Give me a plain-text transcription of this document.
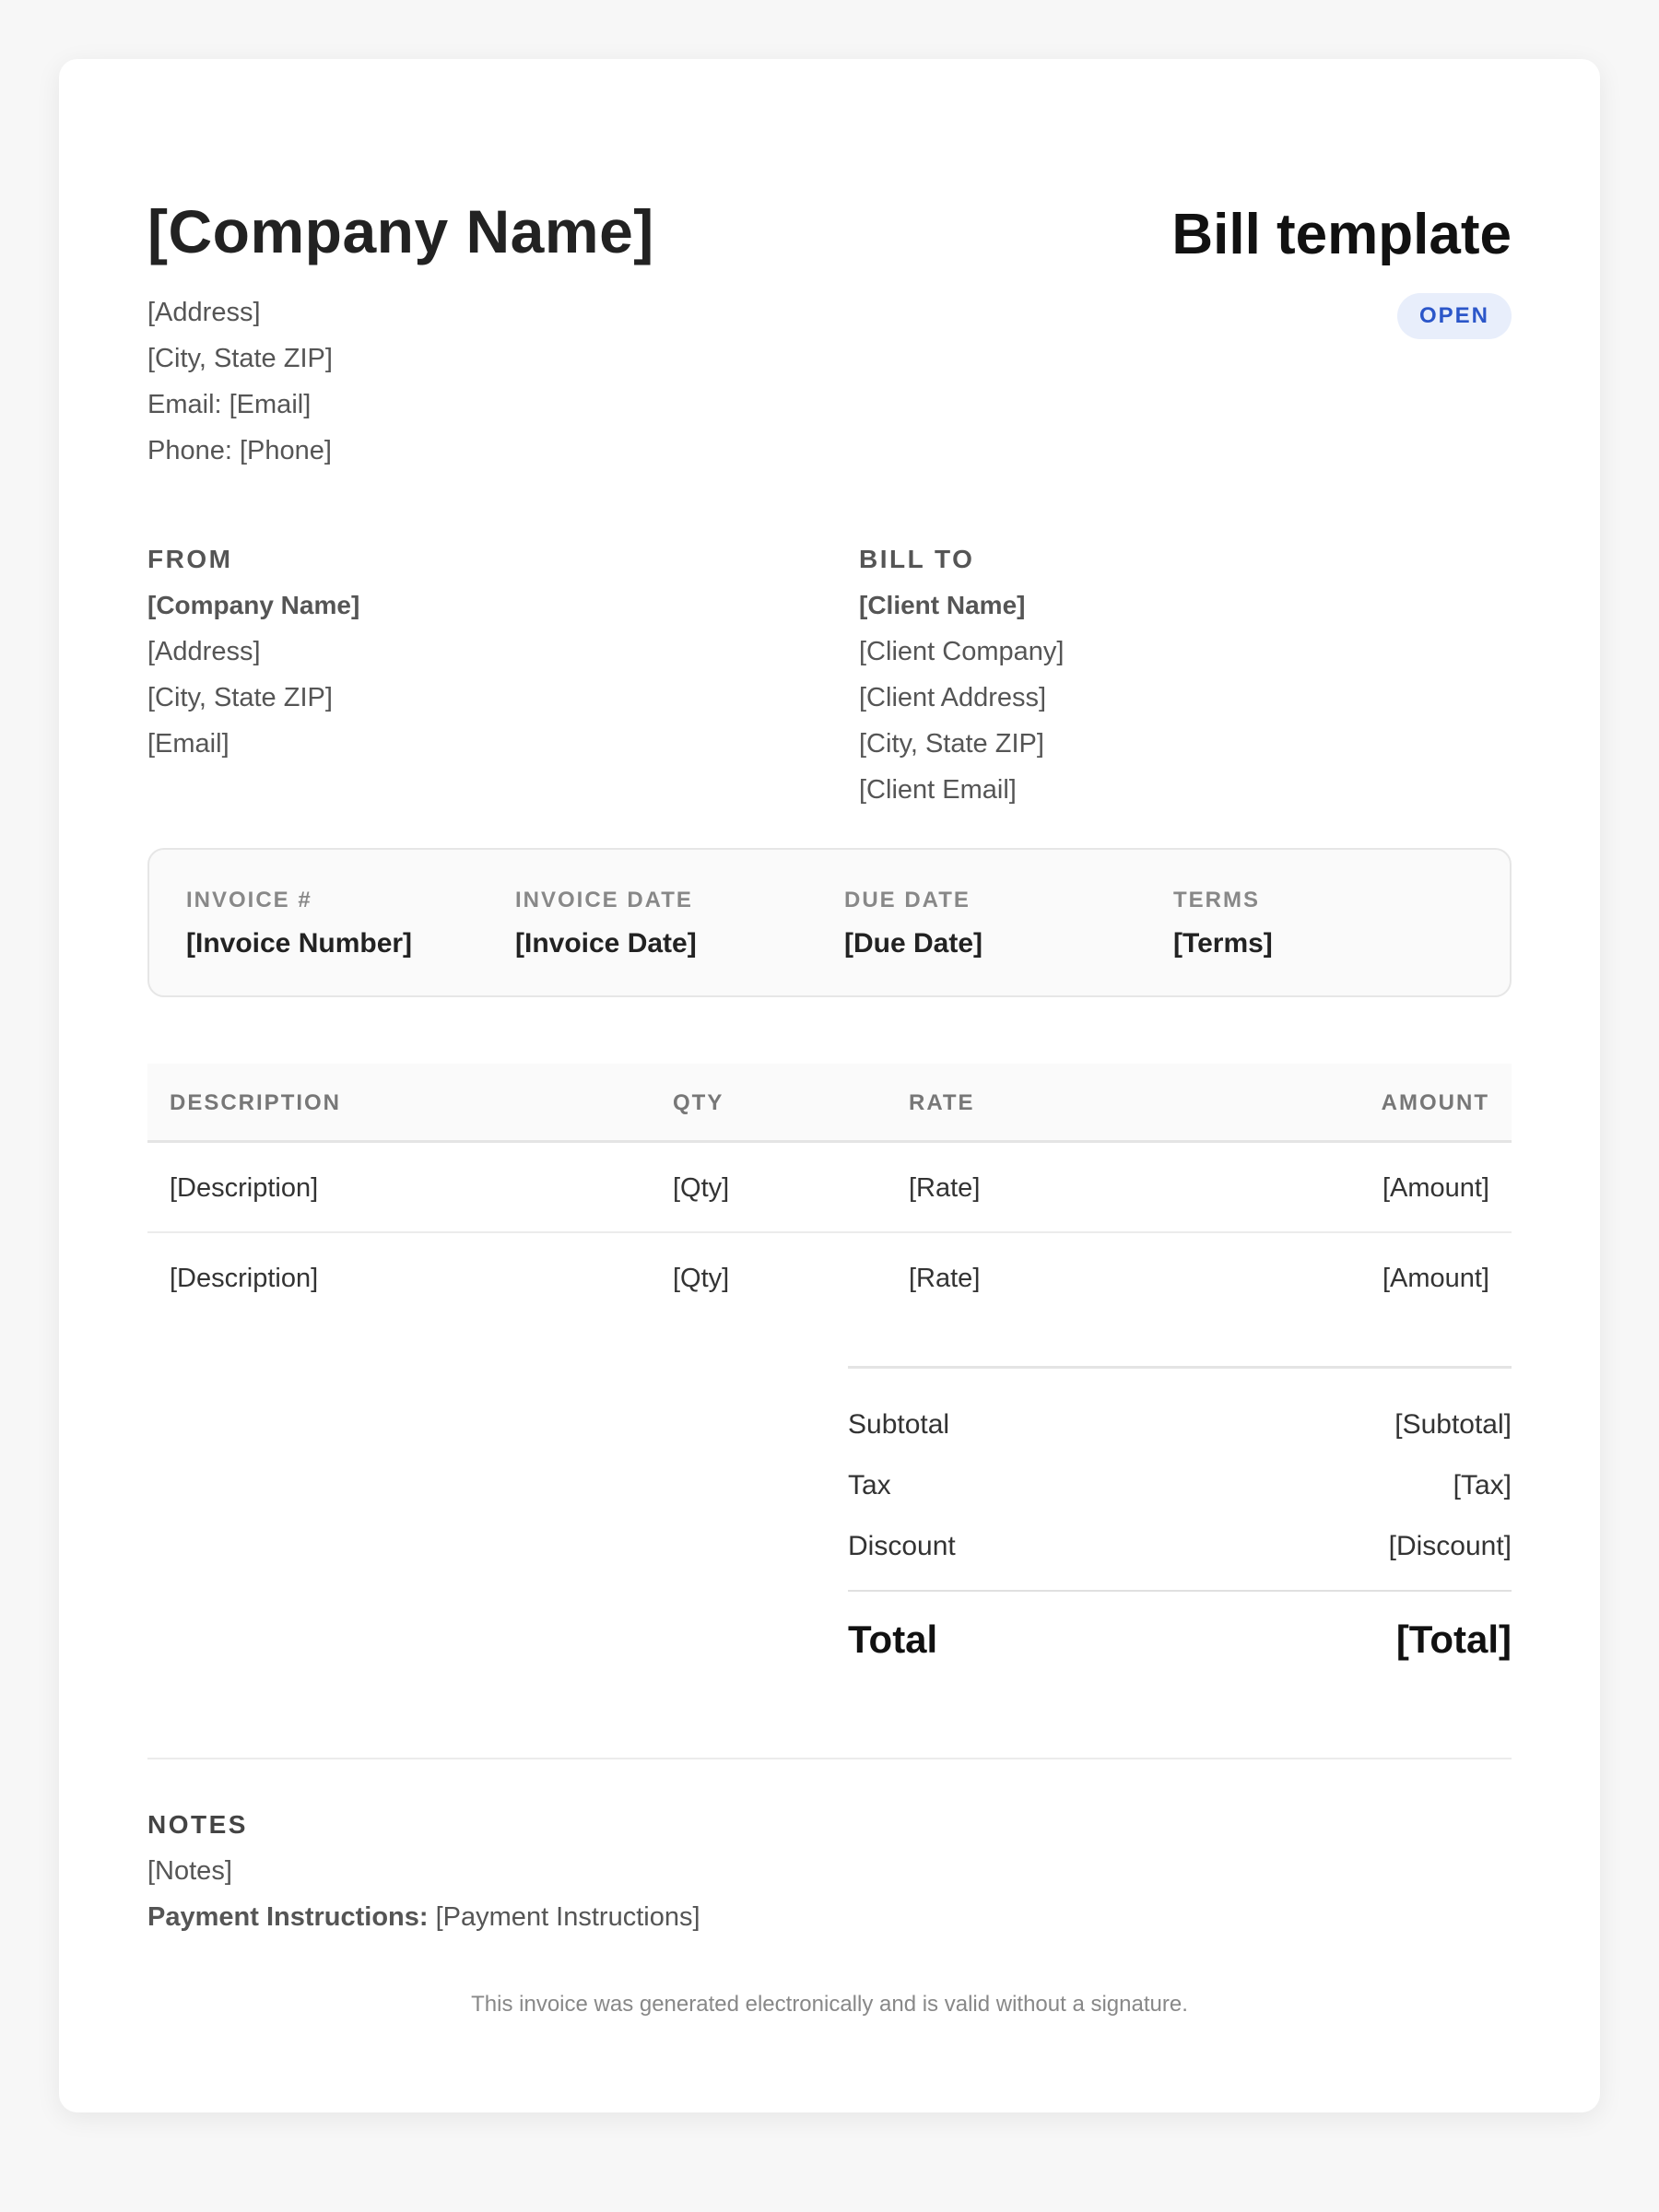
[Company Name]
[Address]
[City, State ZIP]
Email: [Email]
Phone: [Phone]
Bill template
OPEN
FROM
[Company Name]
[Address]
[City, State ZIP]
[Email]
BILL TO
[Client Name]
[Client Company]
[Client Address]
[City, State ZIP]
[Client Email]
INVOICE #
[Invoice Number]
INVOICE DATE
[Invoice Date]
DUE DATE
[Due Date]
TERMS
[Terms]
DESCRIPTION	QTY	RATE	AMOUNT
[Description]	[Qty]	[Rate]	[Amount]
[Description]	[Qty]	[Rate]	[Amount]
Subtotal	[Subtotal]
Tax	[Tax]
Discount	[Discount]
Total	[Total]
NOTES
[Notes]
Payment Instructions: [Payment Instructions]
This invoice was generated electronically and is valid without a signature.
